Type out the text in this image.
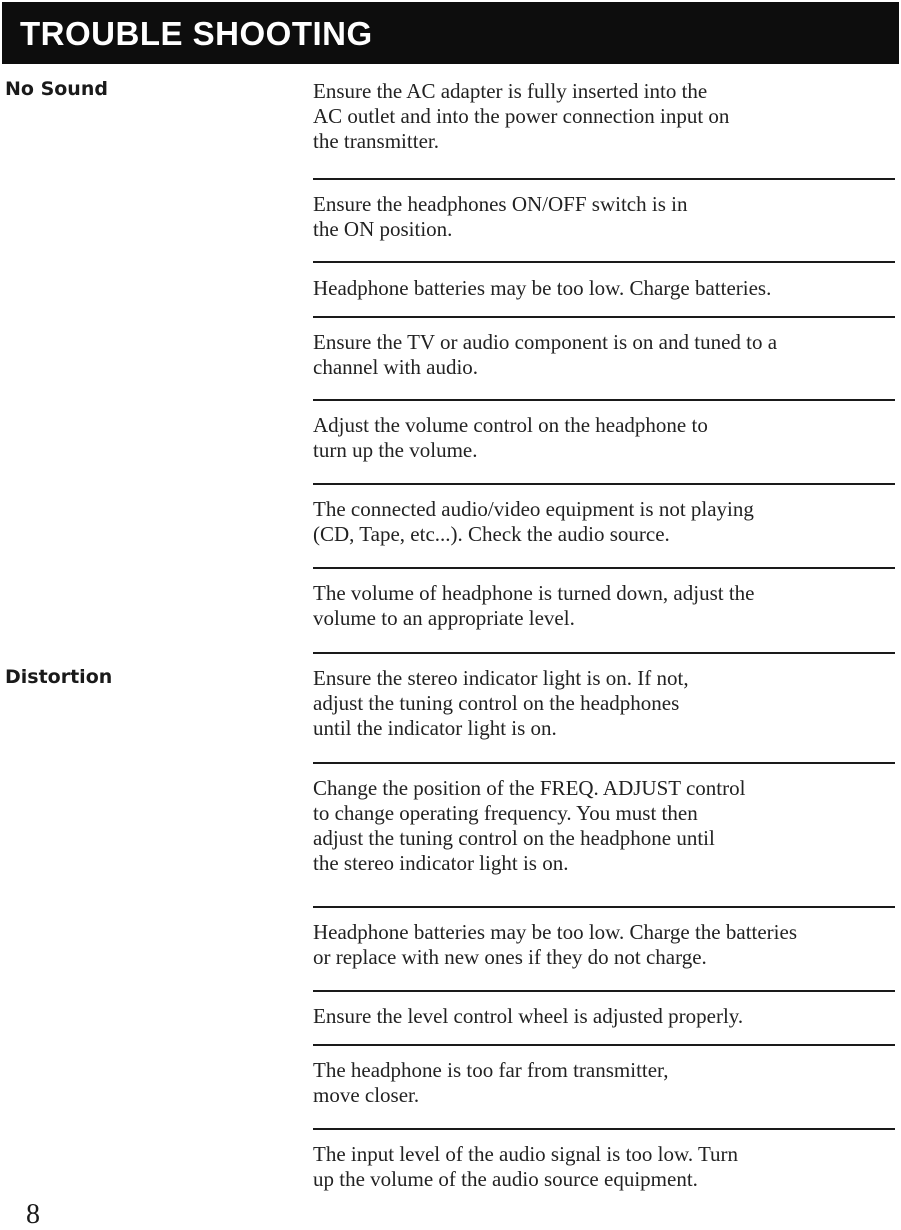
TROUBLE SHOOTING
No Sound
Distortion

Ensure the AC adapter is fully inserted into the

AC outlet and into the power connection input on

the transmitter.

Ensure the headphones ON/OFF switch is in

the ON position.

Headphone batteries may be too low. Charge batteries.

Ensure the TV or audio component is on and tuned to a

channel with audio.

Adjust the volume control on the headphone to

turn up the volume.

The connected audio/video equipment is not playing

(CD, Tape, etc...). Check the audio source.

The volume of headphone is turned down, adjust the

volume to an appropriate level.

Ensure the stereo indicator light is on. If not,

adjust the tuning control on the headphones

until the indicator light is on.

Change the position of the FREQ. ADJUST control

to change operating frequency. You must then

adjust the tuning control on the headphone until

the stereo indicator light is on.

Headphone batteries may be too low. Charge the batteries

or replace with new ones if they do not charge.

Ensure the level control wheel is adjusted properly.

The headphone is too far from transmitter,

move closer.

The input level of the audio signal is too low. Turn

up the volume of the audio source equipment.

8
